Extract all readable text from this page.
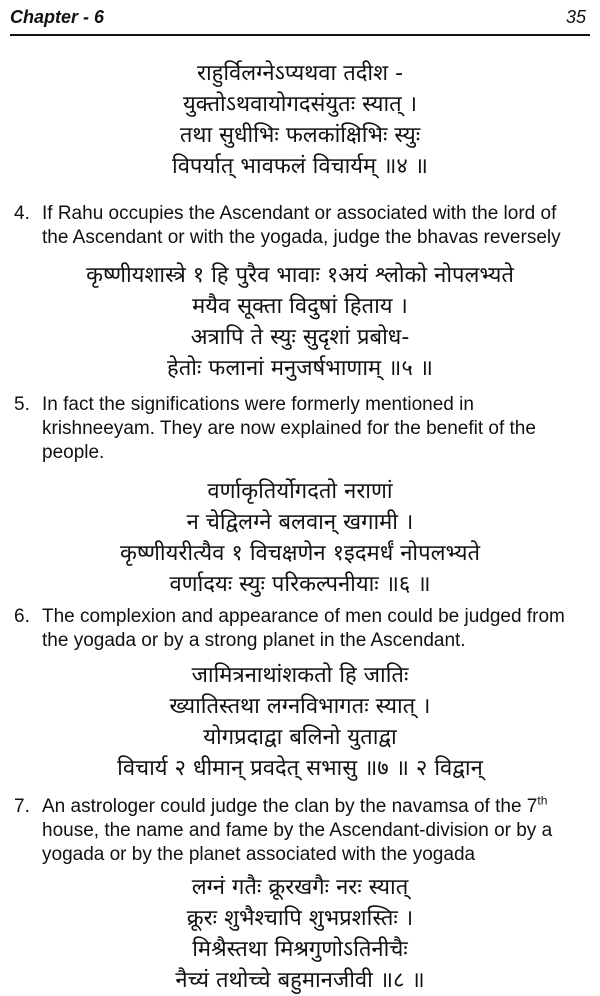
Chapter - 6	35
राहुर्विलग्नेऽप्यथवा तदीश -
युक्तोऽथवायोगदसंयुतः स्यात् ।
तथा सुधीभिः फलकांक्षिभिः स्युः
विपर्यात् भावफलं विचार्यम् ॥४ ॥
4. If Rahu occupies the Ascendant or associated with the lord of the Ascendant or with the yogada, judge the bhavas reversely
कृष्णीयशास्त्रे १ हि पुरैव भावाः १अयं श्लोको नोपलभ्यते
मयैव सूक्ता विदुषां हिताय ।
अत्रापि ते स्युः सुदृशां प्रबोध-
हेतोः फलानां मनुजर्षभाणाम् ॥५ ॥
5. In fact the significations were formerly mentioned in krishneeyam. They are now explained for the benefit of the people.
वर्णाकृतिर्योगदतो नराणां
न चेद्विलग्ने बलवान् खगामी ।
कृष्णीयरीत्यैव १ विचक्षणेन १इदमर्धं नोपलभ्यते
वर्णादयः स्युः परिकल्पनीयाः ॥६ ॥
6. The complexion and appearance of men could be judged from the yogada or by a strong planet in the Ascendant.
जामित्रनाथांशकतो हि जातिः
ख्यातिस्तथा लग्नविभागतः स्यात् ।
योगप्रदाद्वा बलिनो युताद्वा
विचार्य २ धीमान् प्रवदेत् सभासु ॥७ ॥ २ विद्वान्
7. An astrologer could judge the clan by the navamsa of the 7th house, the name and fame by the Ascendant-division or by a yogada or by the planet associated with the yogada
लग्नं गतैः क्रूरखगैः नरः स्यात्
क्रूरः शुभैश्चापि शुभप्रशस्तिः ।
मिश्रैस्तथा मिश्रगुणोऽतिनीचैः
नैच्यं तथोच्चे बहुमानजीवी ॥८ ॥
